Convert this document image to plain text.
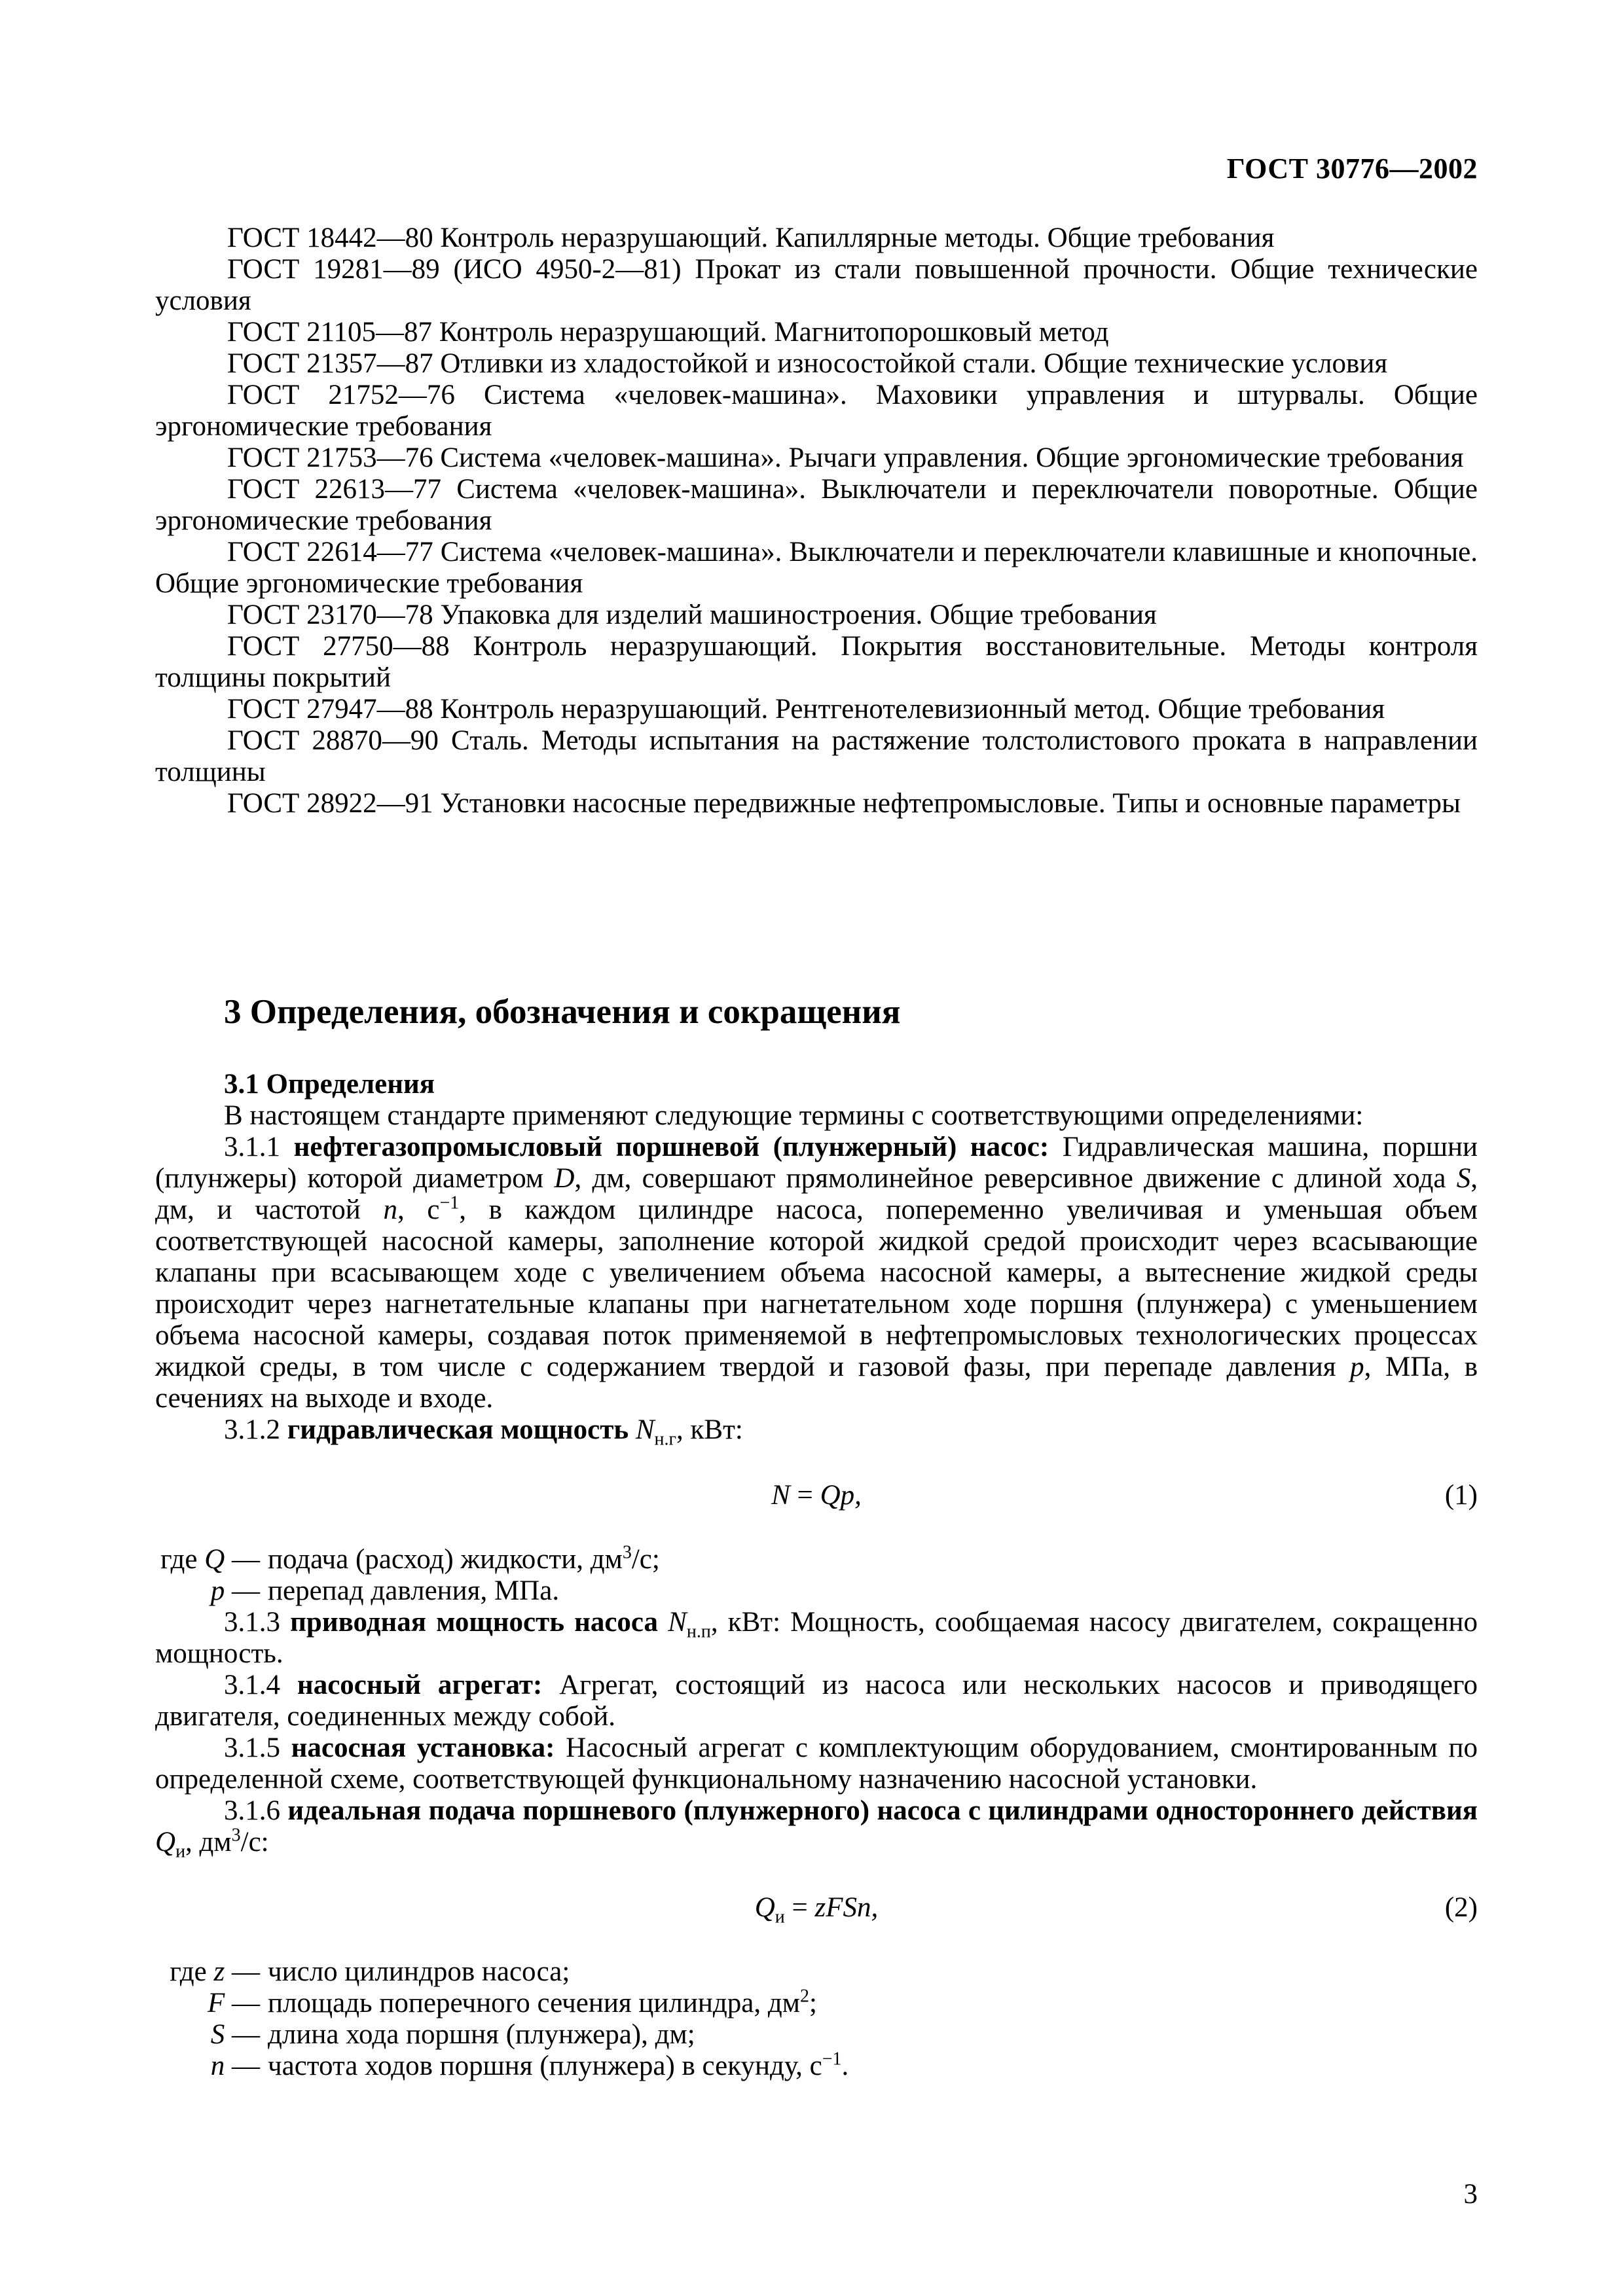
ГОСТ 30776—2002

ГОСТ 18442—80 Контроль неразрушающий. Капиллярные методы. Общие требования

ГОСТ 19281—89 (ИСО 4950-2—81) Прокат из стали повышенной прочности. Общие технические условия

ГОСТ 21105—87 Контроль неразрушающий. Магнитопорошковый метод

ГОСТ 21357—87 Отливки из хладостойкой и износостойкой стали. Общие технические условия

ГОСТ 21752—76 Система «человек-машина». Маховики управления и штурвалы. Общие эргономические требования

ГОСТ 21753—76 Система «человек-машина». Рычаги управления. Общие эргономические требования

ГОСТ 22613—77 Система «человек-машина». Выключатели и переключатели поворотные. Общие эргономические требования

ГОСТ 22614—77 Система «человек-машина». Выключатели и переключатели клавишные и кнопочные. Общие эргономические требования

ГОСТ 23170—78 Упаковка для изделий машиностроения. Общие требования

ГОСТ 27750—88 Контроль неразрушающий. Покрытия восстановительные. Методы контроля толщины покрытий

ГОСТ 27947—88 Контроль неразрушающий. Рентгенотелевизионный метод. Общие требования

ГОСТ 28870—90 Сталь. Методы испытания на растяжение толстолистового проката в направлении толщины

ГОСТ 28922—91 Установки насосные передвижные нефтепромысловые. Типы и основные параметры

3 Определения, обозначения и сокращения

3.1 Определения

В настоящем стандарте применяют следующие термины с соответствующими определениями:

3.1.1 нефтегазопромысловый поршневой (плунжерный) насос: Гидравлическая машина, поршни (плунжеры) которой диаметром D, дм, совершают прямолинейное реверсивное движение с длиной хода S, дм, и частотой n, $с^{-1}$, в каждом цилиндре насоса, попеременно увеличивая и уменьшая объем соответствующей насосной камеры, заполнение которой жидкой средой происходит через всасывающие клапаны при всасывающем ходе с увеличением объема насосной камеры, а вытеснение жидкой среды происходит через нагнетательные клапаны при нагнетательном ходе поршня (плунжера) с уменьшением объема насосной камеры, создавая поток применяемой в нефтепромысловых технологических процессах жидкой среды, в том числе с содержанием твердой и газовой фазы, при перепаде давления p, МПа, в сечениях на выходе и входе.

3.1.2 гидравлическая мощность $N_{н.г}$, кВт:

N = Qp,	(1)
где Q — подача (расход) жидкости, $дм^3/с$;
p — перепад давления, МПа.

3.1.3 приводная мощность насоса $N_{н.п}$, кВт: Мощность, сообщаемая насосу двигателем, сокращенно мощность.

3.1.4 насосный агрегат: Агрегат, состоящий из насоса или нескольких насосов и приводящего двигателя, соединенных между собой.

3.1.5 насосная установка: Насосный агрегат с комплектующим оборудованием, смонтированным по определенной схеме, соответствующей функциональному назначению насосной установки.

3.1.6 идеальная подача поршневого (плунжерного) насоса с цилиндрами одностороннего действия $Q_и$, $дм^3/с$:

$Q_и$ = zFSn,	(2)
где z — число цилиндров насоса;
F — площадь поперечного сечения цилиндра, $дм^2$;
S — длина хода поршня (плунжера), дм;
n — частота ходов поршня (плунжера) в секунду, $с^{-1}$.
3
